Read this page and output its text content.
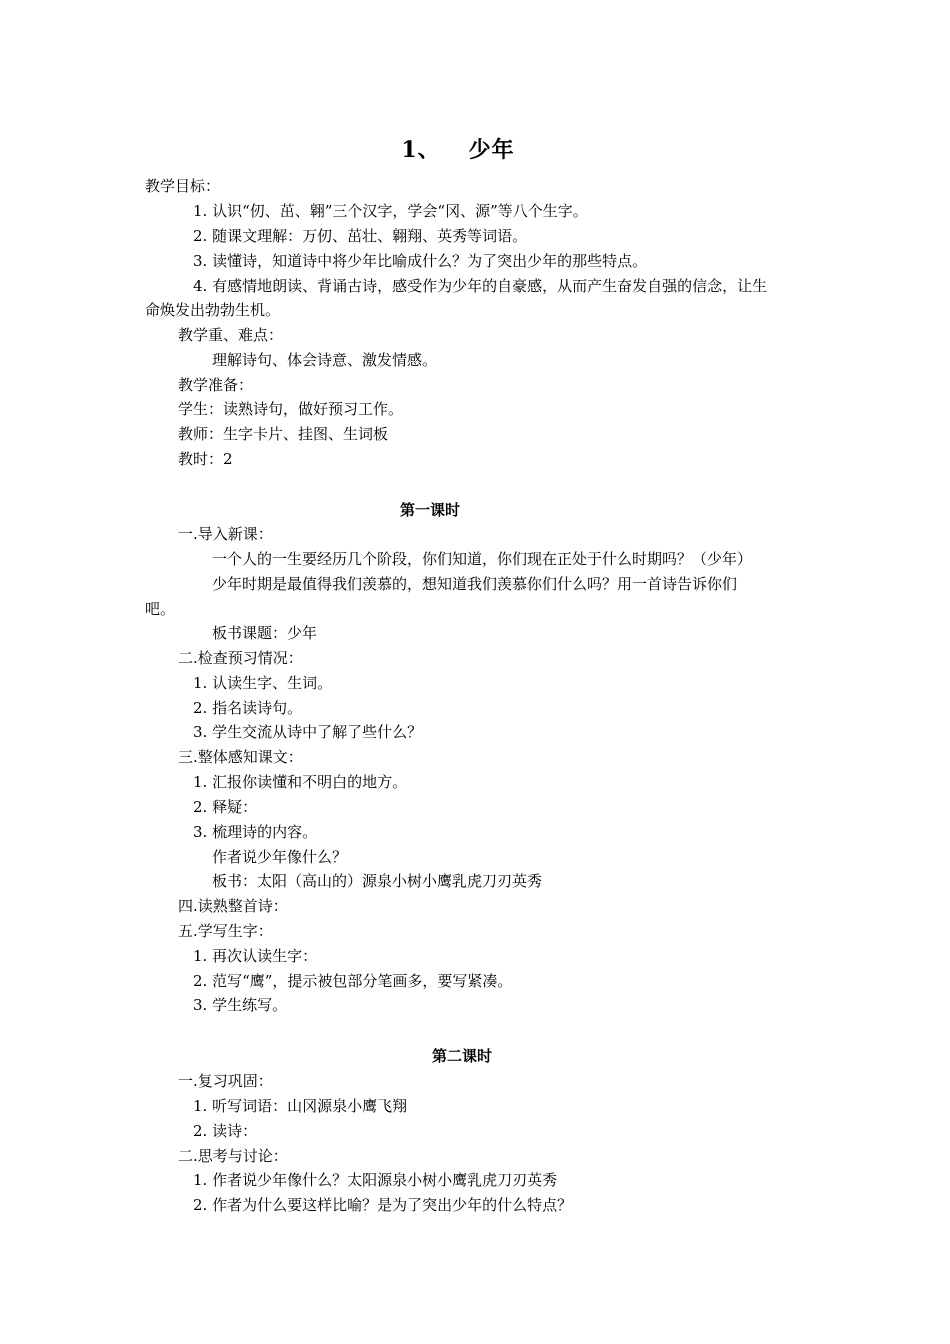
1、 少年
教学目标：
1. 认识“仞、茁、翱”三个汉字，学会“冈、源”等八个生字。
2. 随课文理解：万仞、茁壮、翱翔、英秀等词语。
3. 读懂诗，知道诗中将少年比喻成什么？为了突出少年的那些特点。
4. 有感情地朗读、背诵古诗，感受作为少年的自豪感，从而产生奋发自强的信念，让生
命焕发出勃勃生机。
教学重、难点：
理解诗句、体会诗意、激发情感。
教学准备：
学生：读熟诗句，做好预习工作。
教师：生字卡片、挂图、生词板
教时：2
第一课时
一.导入新课：
一个人的一生要经历几个阶段，你们知道，你们现在正处于什么时期吗？（少年）
少年时期是最值得我们羡慕的，想知道我们羡慕你们什么吗？用一首诗告诉你们
吧。
板书课题：少年
二.检查预习情况：
1. 认读生字、生词。
2. 指名读诗句。
3. 学生交流从诗中了解了些什么？
三.整体感知课文：
1. 汇报你读懂和不明白的地方。
2. 释疑：
3. 梳理诗的内容。
作者说少年像什么？
板书：太阳（高山的）源泉小树小鹰乳虎刀刃英秀
四.读熟整首诗：
五.学写生字：
1. 再次认读生字：
2. 范写“鹰”，提示被包部分笔画多，要写紧凑。
3. 学生练写。
第二课时
一.复习巩固：
1. 听写词语：山冈源泉小鹰飞翔
2. 读诗：
二.思考与讨论：
1. 作者说少年像什么？太阳源泉小树小鹰乳虎刀刃英秀
2. 作者为什么要这样比喻？是为了突出少年的什么特点？
